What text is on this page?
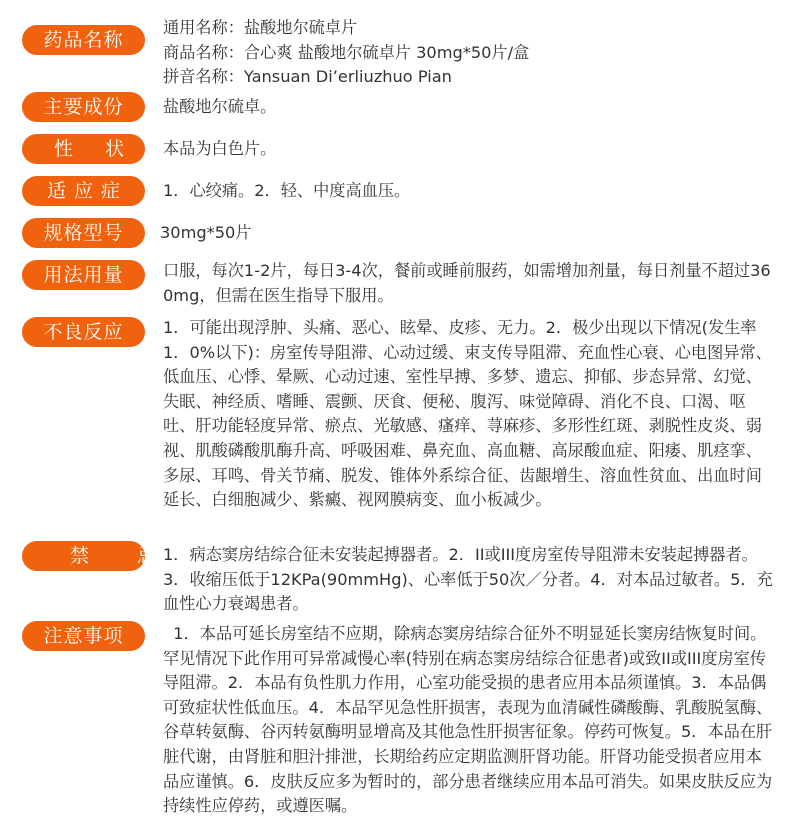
药品名称
通用名称：盐酸地尔硫卓片
商品名称：合心爽 盐酸地尔硫卓片 30mg*50片/盒
拼音名称：Yansuan Di’erliuzhuo Pian
主要成份	盐酸地尔硫卓。
性状 本品为白色片。
适应症	1．心绞痛。2．轻、中度高血压。
规格型号	30mg*50片
用法用量	口服，每次1-2片，每日3-4次，餐前或睡前服药，如需增加剂量，每日剂量不超过360mg，但需在医生指导下服用。
不良反应	1．可能出现浮肿、头痛、恶心、眩晕、皮疹、无力。2．极少出现以下情况(发生率1．0%以下)：房室传导阻滞、心动过缓、束支传导阻滞、充血性心衰、心电图异常、低血压、心悸、晕厥、心动过速、室性早搏、多梦、遗忘、抑郁、步态异常、幻觉、失眠、神经质、嗜睡、震颤、厌食、便秘、腹泻、味觉障碍、消化不良、口渴、呕吐、肝功能轻度异常、瘀点、光敏感、瘙痒、荨麻疹、多形性红斑、剥脱性皮炎、弱视、肌酸磷酸肌酶升高、呼吸困难、鼻充血、高血糖、高尿酸血症、阳痿、肌痉挛、多尿、耳鸣、骨关节痛、脱发、锥体外系综合征、齿龈增生、溶血性贫血、出血时间延长、白细胞减少、紫癜、视网膜病变、血小板减少。
禁忌
1．病态窦房结综合征未安装起搏器者。2．II或III度房室传导阻滞未安装起搏器者。3．收缩压低于12KPa(90mmHg)、心率低于50次／分者。4．对本品过敏者。5．充血性心力衰竭患者。
注意事项	1．本品可延长房室结不应期，除病态窦房结综合征外不明显延长窦房结恢复时间。罕见情况下此作用可异常减慢心率(特别在病态窦房结综合征患者)或致II或III度房室传导阻滞。2．本品有负性肌力作用，心室功能受损的患者应用本品须谨慎。3．本品偶可致症状性低血压。4．本品罕见急性肝损害，表现为血清碱性磷酸酶、乳酸脱氢酶、谷草转氨酶、谷丙转氨酶明显增高及其他急性肝损害征象。停药可恢复。5．本品在肝脏代谢，由肾脏和胆汁排泄，长期给药应定期监测肝肾功能。肝肾功能受损者应用本品应谨慎。6．皮肤反应多为暂时的，部分患者继续应用本品可消失。如果皮肤反应为持续性应停药，或遵医嘱。
